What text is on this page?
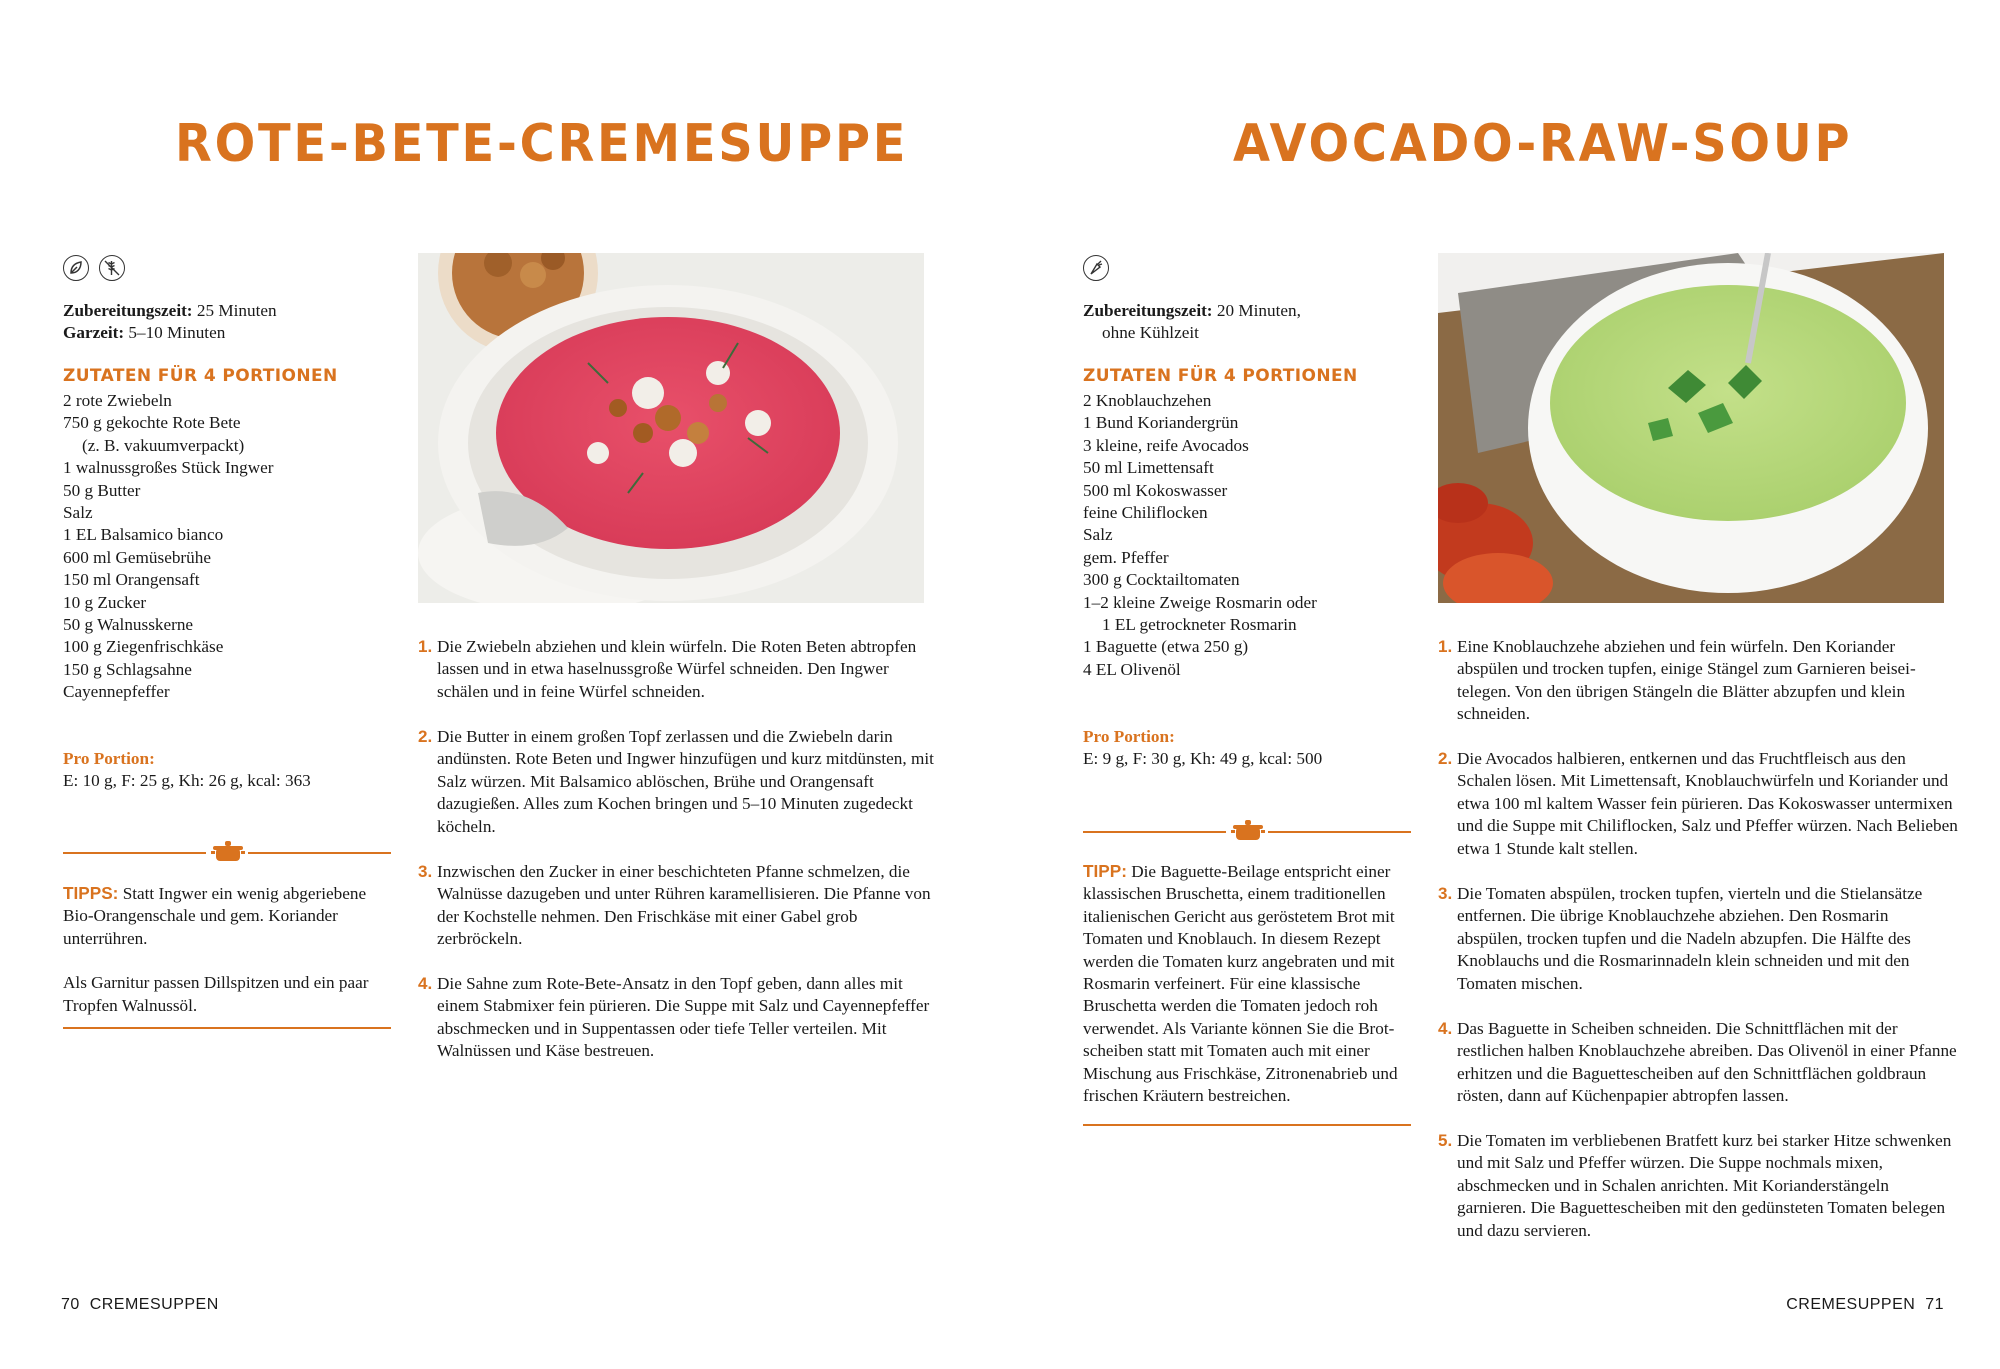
ROTE-BETE-CREMESUPPE
Zubereitungszeit: 25 Minuten
Garzeit: 5–10 Minuten
ZUTATEN FÜR 4 PORTIONEN
2 rote Zwiebeln
750 g gekochte Rote Bete
(z. B. vakuumverpackt)
1 walnussgroßes Stück Ingwer
50 g Butter
Salz
1 EL Balsamico bianco
600 ml Gemüsebrühe
150 ml Orangensaft
10 g Zucker
50 g Walnusskerne
100 g Ziegenfrischkäse
150 g Schlagsahne
Cayennepfeffer
Pro Portion:
E: 10 g, F: 25 g, Kh: 26 g, kcal: 363
TIPPS: Statt Ingwer ein wenig abgeriebene Bio-Orangenschale und gem. Koriander unterrühren.
Als Garnitur passen Dillspitzen und ein paar Tropfen Walnussöl.
1. Die Zwiebeln abziehen und klein würfeln. Die Roten Beten abtropfen lassen und in etwa haselnussgroße Würfel schneiden. Den Ingwer schälen und in feine Würfel schneiden.
2. Die Butter in einem großen Topf zerlassen und die Zwiebeln darin andünsten. Rote Beten und Ingwer hinzufügen und kurz mitdünsten, mit Salz würzen. Mit Balsamico ablöschen, Brühe und Orangensaft dazugießen. Alles zum Kochen bringen und 5–10 Minuten zugedeckt köcheln.
3. Inzwischen den Zucker in einer beschichteten Pfanne schmelzen, die Walnüsse dazugeben und unter Rühren karamellisieren. Die Pfanne von der Kochstelle nehmen. Den Frischkäse mit einer Gabel grob zerbröckeln.
4. Die Sahne zum Rote-Bete-Ansatz in den Topf geben, dann alles mit einem Stabmixer fein pürieren. Die Suppe mit Salz und Cayennepfeffer abschmecken und in Suppentassen oder tiefe Teller verteilen. Mit Walnüssen und Käse bestreuen.
70 CREMESUPPEN
AVOCADO-RAW-SOUP
Zubereitungszeit: 20 Minuten,
ohne Kühlzeit
ZUTATEN FÜR 4 PORTIONEN
2 Knoblauchzehen
1 Bund Koriandergrün
3 kleine, reife Avocados
50 ml Limettensaft
500 ml Kokoswasser
feine Chiliflocken
Salz
gem. Pfeffer
300 g Cocktailtomaten
1–2 kleine Zweige Rosmarin oder
1 EL getrockneter Rosmarin
1 Baguette (etwa 250 g)
4 EL Olivenöl
Pro Portion:
E: 9 g, F: 30 g, Kh: 49 g, kcal: 500
TIPP: Die Baguette-Beilage entspricht einer klassischen Bruschetta, einem traditionellen italienischen Gericht aus geröstetem Brot mit Tomaten und Knoblauch. In diesem Rezept werden die Tomaten kurz angebraten und mit Rosmarin verfeinert. Für eine klassische Bruschetta werden die Tomaten jedoch roh verwendet. Als Variante können Sie die Brotscheiben statt mit Tomaten auch mit einer Mischung aus Frischkäse, Zitronenabrieb und frischen Kräutern bestreichen.
1. Eine Knoblauchzehe abziehen und fein würfeln. Den Koriander abspülen und trocken tupfen, einige Stängel zum Garnieren beiseitelegen. Von den übrigen Stängeln die Blätter abzupfen und klein schneiden.
2. Die Avocados halbieren, entkernen und das Fruchtfleisch aus den Schalen lösen. Mit Limettensaft, Knoblauchwürfeln und Koriander und etwa 100 ml kaltem Wasser fein pürieren. Das Kokoswasser untermixen und die Suppe mit Chiliflocken, Salz und Pfeffer würzen. Nach Belieben etwa 1 Stunde kalt stellen.
3. Die Tomaten abspülen, trocken tupfen, vierteln und die Stielansätze entfernen. Die übrige Knoblauchzehe abziehen. Den Rosmarin abspülen, trocken tupfen und die Nadeln abzupfen. Die Hälfte des Knoblauchs und die Rosmarinnadeln klein schneiden und mit den Tomaten mischen.
4. Das Baguette in Scheiben schneiden. Die Schnittflächen mit der restlichen halben Knoblauchzehe abreiben. Das Olivenöl in einer Pfanne erhitzen und die Baguettescheiben auf den Schnittflächen goldbraun rösten, dann auf Küchenpapier abtropfen lassen.
5. Die Tomaten im verbliebenen Bratfett kurz bei starker Hitze schwenken und mit Salz und Pfeffer würzen. Die Suppe nochmals mixen, abschmecken und in Schalen anrichten. Mit Korianderstängeln garnieren. Die Baguettescheiben mit den gedünsteten Tomaten belegen und dazu servieren.
CREMESUPPEN 71
